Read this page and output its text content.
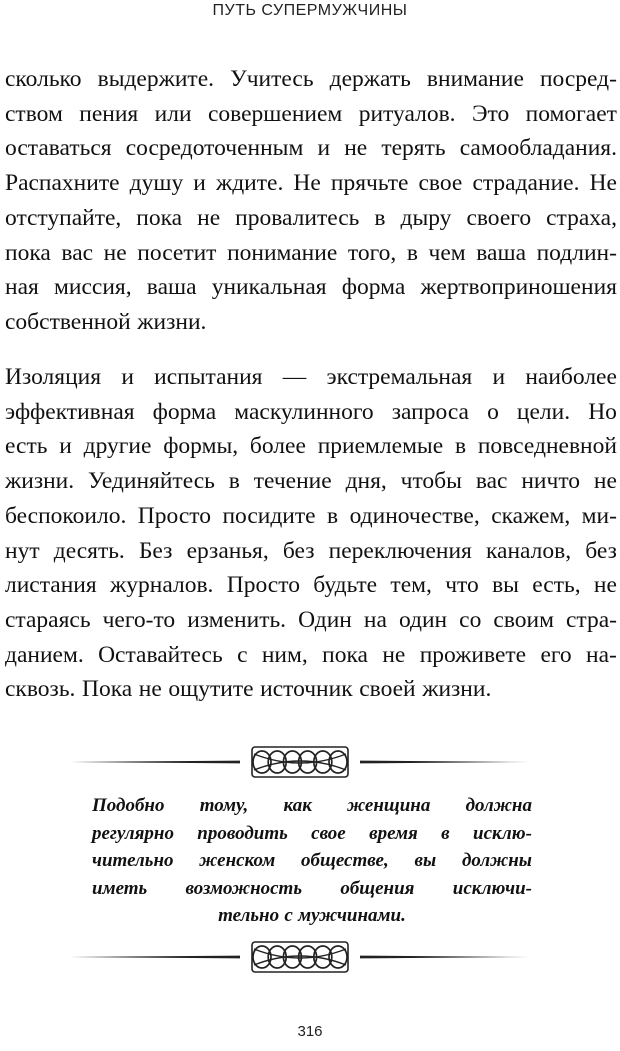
ПУТЬ СУПЕРМУЖЧИНЫ
сколько выдержите. Учитесь держать внимание посред-
ством пения или совершением ритуалов. Это помогает
оставаться сосредоточенным и не терять самообладания.
Распахните душу и ждите. Не прячьте свое страдание. Не
отступайте, пока не провалитесь в дыру своего страха,
пока вас не посетит понимание того, в чем ваша подлин-
ная миссия, ваша уникальная форма жертвоприношения
собственной жизни.
Изоляция и испытания — экстремальная и наиболее
эффективная форма маскулинного запроса о цели. Но
есть и другие формы, более приемлемые в повседневной
жизни. Уединяйтесь в течение дня, чтобы вас ничто не
беспокоило. Просто посидите в одиночестве, скажем, ми-
нут десять. Без ерзанья, без переключения каналов, без
листания журналов. Просто будьте тем, что вы есть, не
стараясь чего-то изменить. Один на один со своим стра-
данием. Оставайтесь с ним, пока не проживете его на-
сквозь. Пока не ощутите источник своей жизни.
Подобно тому, как женщина должна
регулярно проводить свое время в исклю-
чительно женском обществе, вы должны
иметь возможность общения исключи-
тельно с мужчинами.
316
